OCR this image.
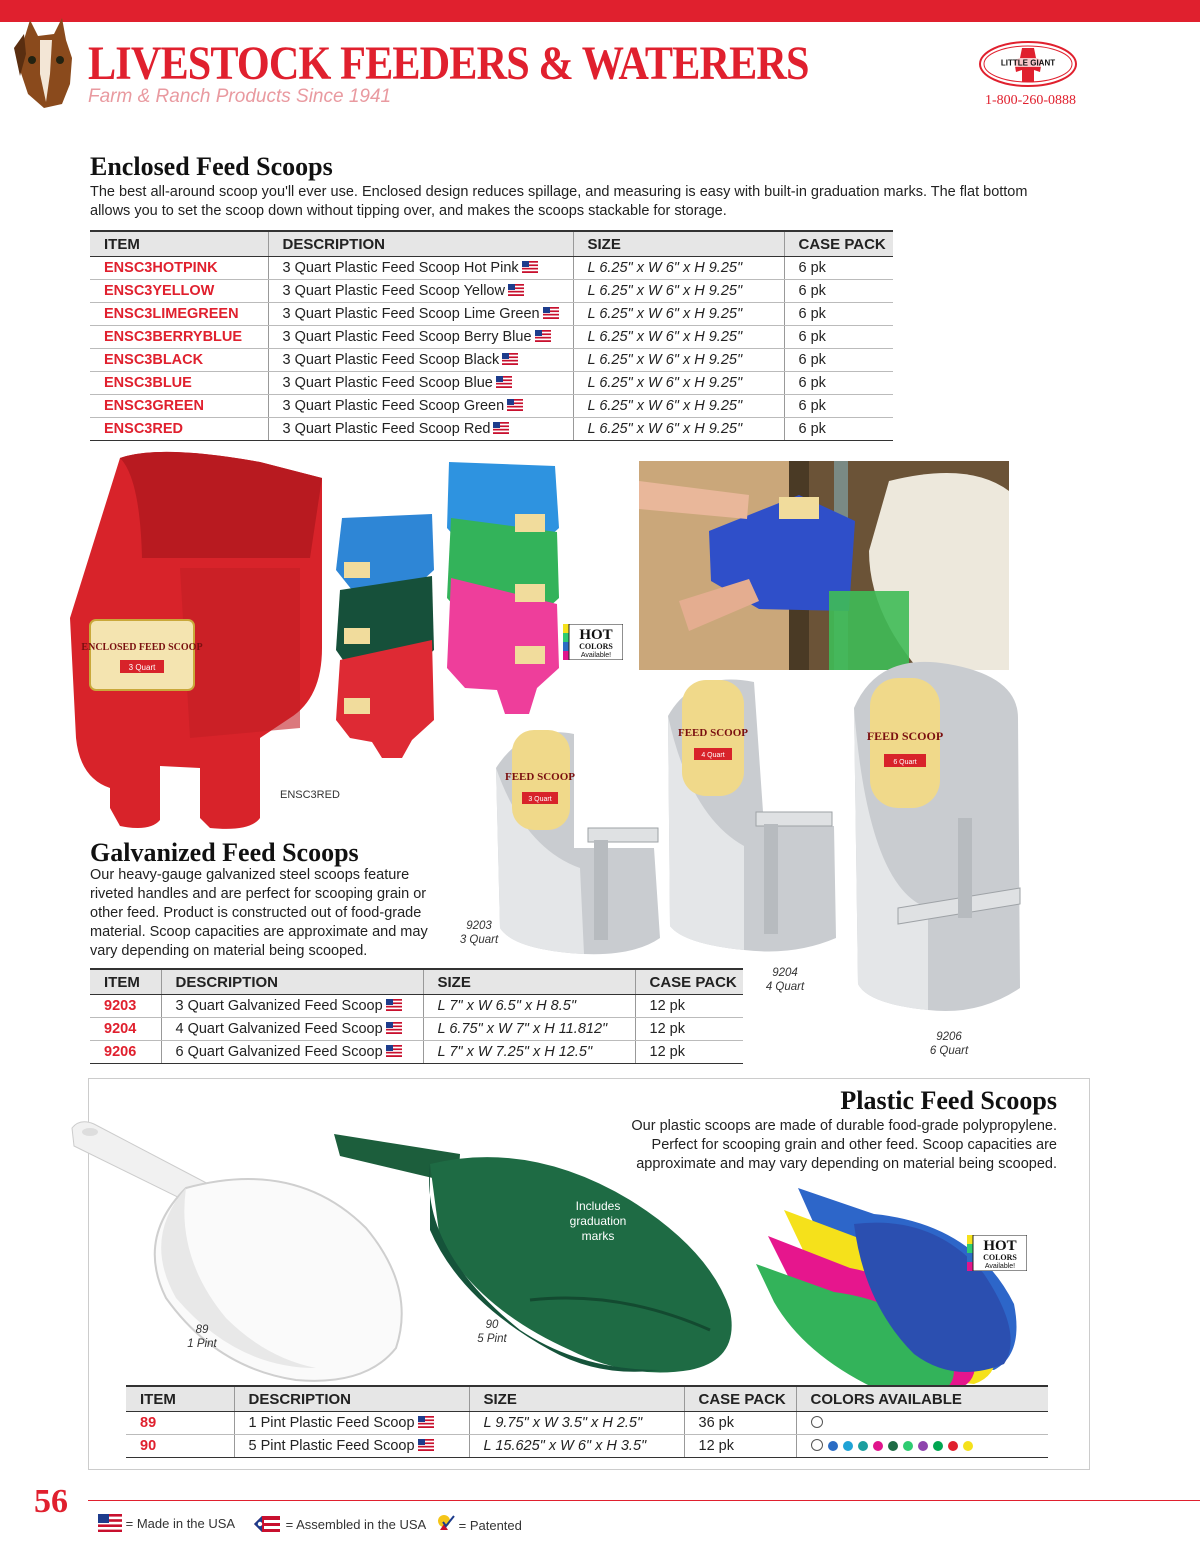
LIVESTOCK FEEDERS & WATERERS
Farm & Ranch Products Since 1941
LITTLE GIANT
1-800-260-0888
Enclosed Feed Scoops
The best all-around scoop you'll ever use. Enclosed design reduces spillage, and measuring is easy with built-in graduation marks. The flat bottom allows you to set the scoop down without tipping over, and makes the scoops stackable for storage.
ITEM	DESCRIPTION	SIZE	CASE PACK
ENSC3HOTPINK	3 Quart Plastic Feed Scoop Hot Pink	L 6.25" x W 6" x H 9.25"	6 pk
ENSC3YELLOW	3 Quart Plastic Feed Scoop Yellow	L 6.25" x W 6" x H 9.25"	6 pk
ENSC3LIMEGREEN	3 Quart Plastic Feed Scoop Lime Green	L 6.25" x W 6" x H 9.25"	6 pk
ENSC3BERRYBLUE	3 Quart Plastic Feed Scoop Berry Blue	L 6.25" x W 6" x H 9.25"	6 pk
ENSC3BLACK	3 Quart Plastic Feed Scoop Black	L 6.25" x W 6" x H 9.25"	6 pk
ENSC3BLUE	3 Quart Plastic Feed Scoop Blue	L 6.25" x W 6" x H 9.25"	6 pk
ENSC3GREEN	3 Quart Plastic Feed Scoop Green	L 6.25" x W 6" x H 9.25"	6 pk
ENSC3RED	3 Quart Plastic Feed Scoop Red	L 6.25" x W 6" x H 9.25"	6 pk
ENCLOSED FEED SCOOP
3 Quart
ENSC3RED
HOT
COLORS
Available!
FEED SCOOP
3 Quart
FEED SCOOP
4 Quart
FEED SCOOP
6 Quart
9203
3 Quart
9204
4 Quart
9206
6 Quart
Galvanized Feed Scoops
Our heavy-gauge galvanized steel scoops feature riveted handles and are perfect for scooping grain or other feed. Product is constructed out of food-grade material. Scoop capacities are approximate and may vary depending on material being scooped.
ITEM	DESCRIPTION	SIZE	CASE PACK
9203	3 Quart Galvanized Feed Scoop	L 7" x W 6.5" x H 8.5"	12 pk
9204	4 Quart Galvanized Feed Scoop	L 6.75" x W 7" x H 11.812"	12 pk
9206	6 Quart Galvanized Feed Scoop	L 7" x W 7.25" x H 12.5"	12 pk
Plastic Feed Scoops
Our plastic scoops are made of durable food-grade polypropylene. Perfect for scooping grain and other feed. Scoop capacities are approximate and may vary depending on material being scooped.
89
1 Pint
Includes graduation marks
90
5 Pint
HOT
COLORS
Available!
ITEM	DESCRIPTION	SIZE	CASE PACK	COLORS AVAILABLE
89	1 Pint Plastic Feed Scoop	L 9.75" x W 3.5" x H 2.5"	36 pk	
90	5 Pint Plastic Feed Scoop	L 15.625" x W 6" x H 3.5"	12 pk	
56
= Made in the USA	= Assembled in the USA	= Patented
